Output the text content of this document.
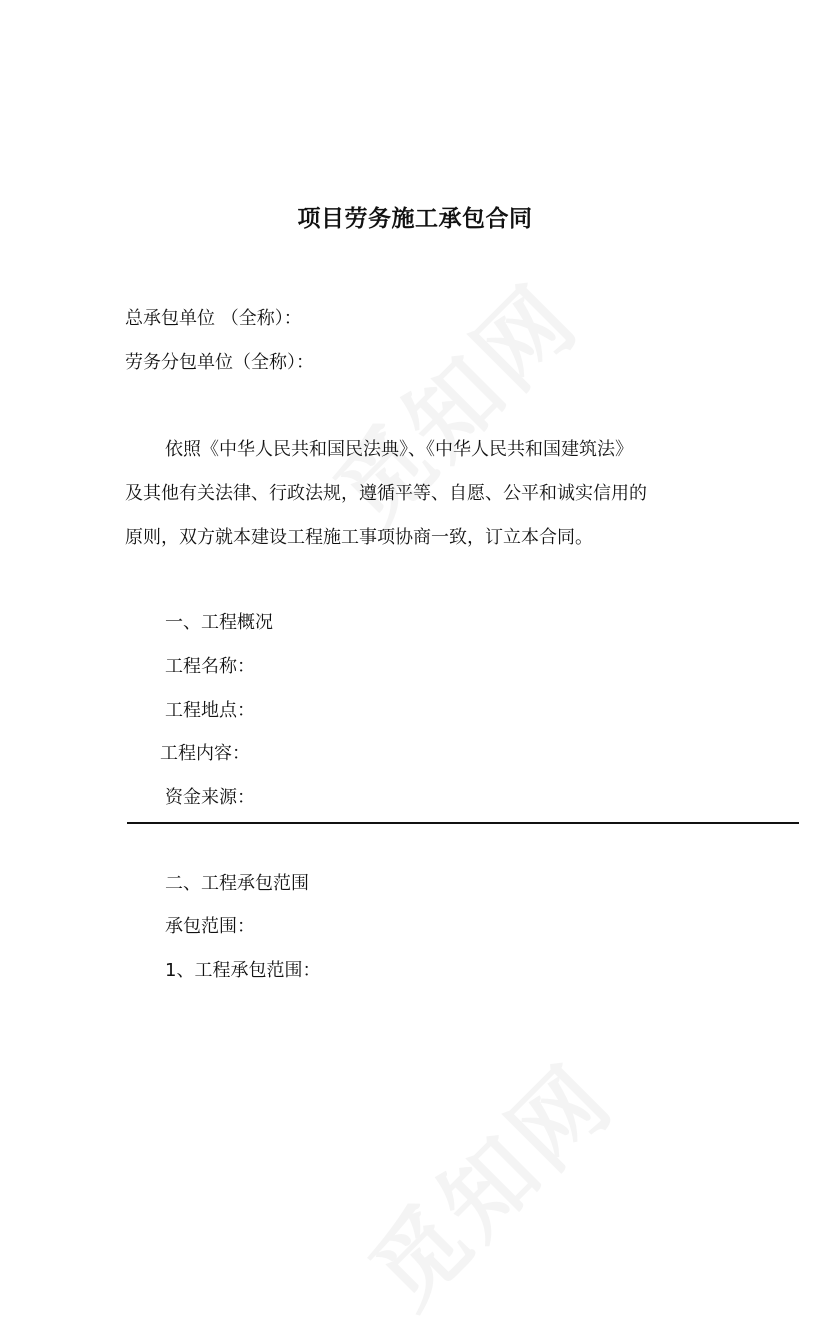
项目劳务施工承包合同
总承包单位 （全称）：
劳务分包单位（全称）：
依照《中华人民共和国民法典》、《中华人民共和国建筑法》
及其他有关法律、行政法规，遵循平等、自愿、公平和诚实信用的
原则，双方就本建设工程施工事项协商一致，订立本合同。
一、工程概况
工程名称：
工程地点：
工程内容：
资金来源：
二、工程承包范围
承包范围：
1、工程承包范围：
